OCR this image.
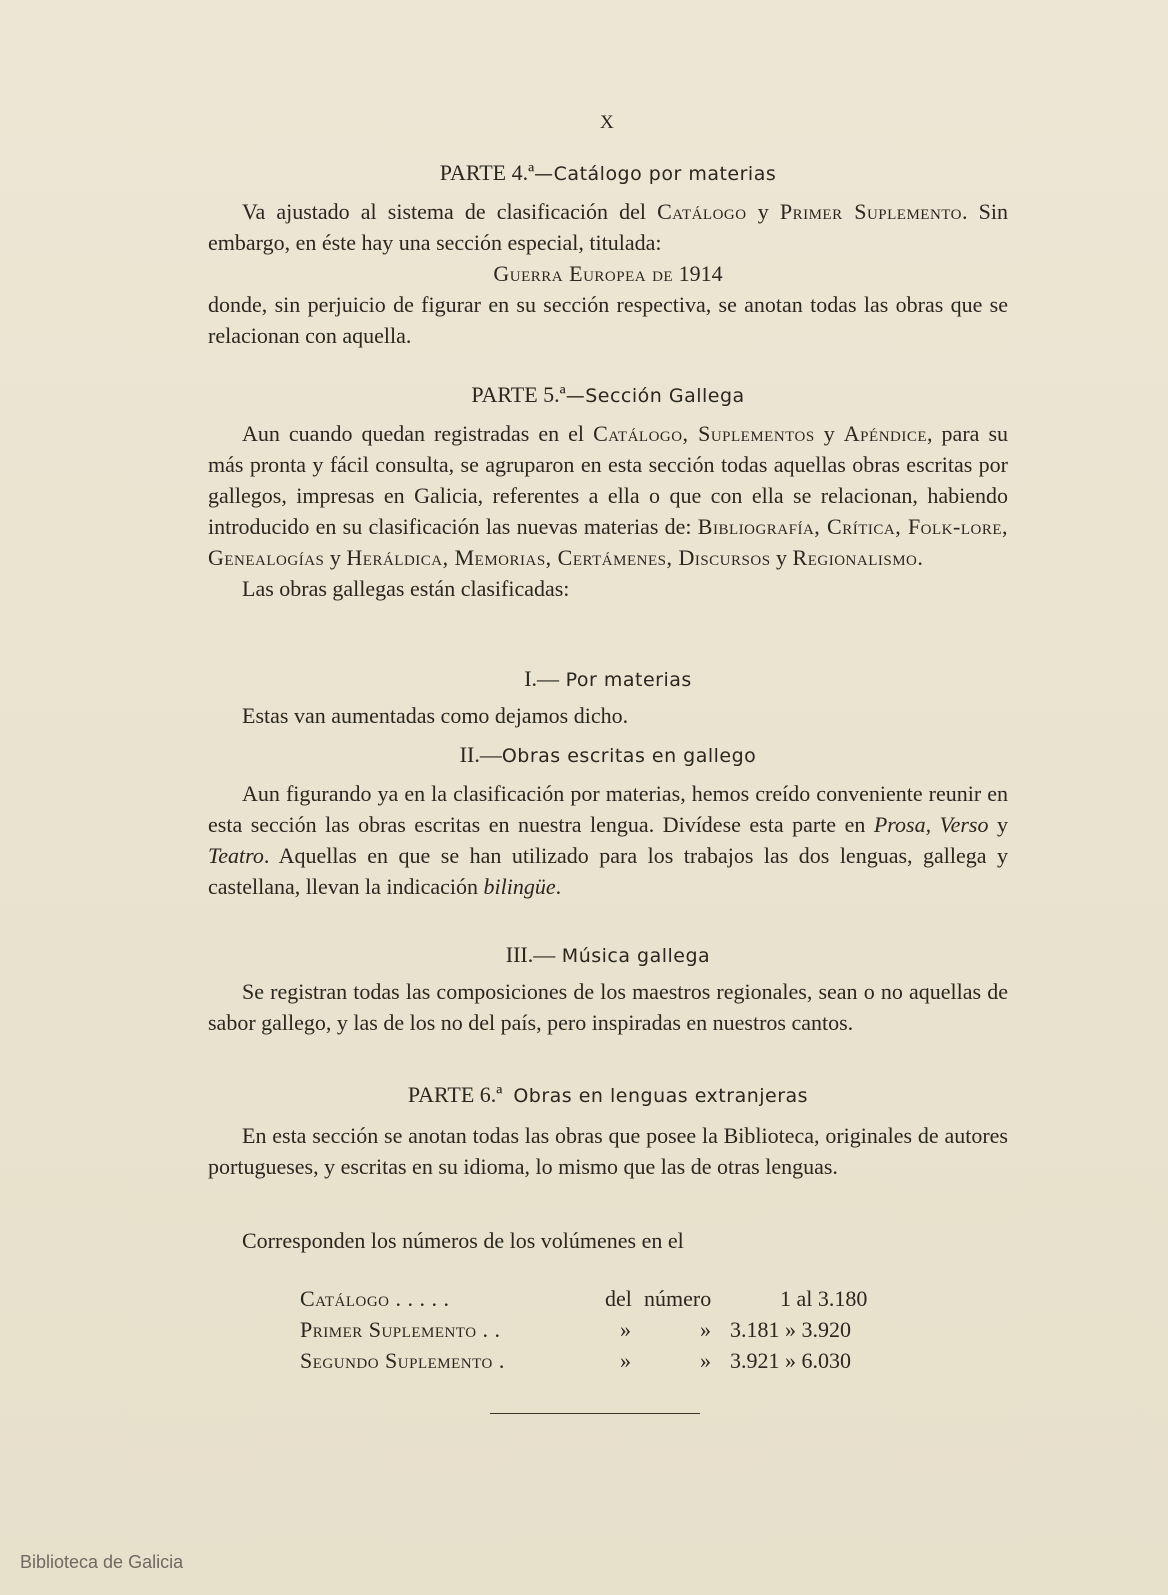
X
PARTE 4.ª—Catálogo por materias

Va ajustado al sistema de clasificación del Catálogo y Primer Suplemento. Sin embargo, en éste hay una sección especial, titulada:

Guerra Europea de 1914

donde, sin perjuicio de figurar en su sección respectiva, se anotan todas las obras que se relacionan con aquella.

PARTE 5.ª—Sección Gallega

Aun cuando quedan registradas en el Catálogo, Suplementos y Apéndice, para su más pronta y fácil consulta, se agruparon en esta sección todas aquellas obras escritas por gallegos, impresas en Galicia, referentes a ella o que con ella se relacionan, habiendo introducido en su clasificación las nuevas materias de: Bibliografía, Crítica, Folk-lore, Genealogías y Heráldica, Memorias, Certámenes, Discursos y Regionalismo.

Las obras gallegas están clasificadas:

I.— Por materias

Estas van aumentadas como dejamos dicho.

II.—Obras escritas en gallego

Aun figurando ya en la clasificación por materias, hemos creído conveniente reunir en esta sección las obras escritas en nuestra lengua. Divídese esta parte en Prosa, Verso y Teatro. Aquellas en que se han utilizado para los trabajos las dos lenguas, gallega y castellana, llevan la indicación bilingüe.

III.— Música gallega

Se registran todas las composiciones de los maestros regionales, sean o no aquellas de sabor gallego, y las de los no del país, pero inspiradas en nuestros cantos.

PARTE 6.ª Obras en lenguas extranjeras

En esta sección se anotan todas las obras que posee la Biblioteca, originales de autores portugueses, y escritas en su idioma, lo mismo que las de otras lenguas.

Corresponden los números de los volúmenes en el

Catálogo . . . . .	del número	1 al 3.180
Primer Suplemento . .	»	» 3.181 » 3.920
Segundo Suplemento .	»	» 3.921 » 6.030
Biblioteca de Galicia
